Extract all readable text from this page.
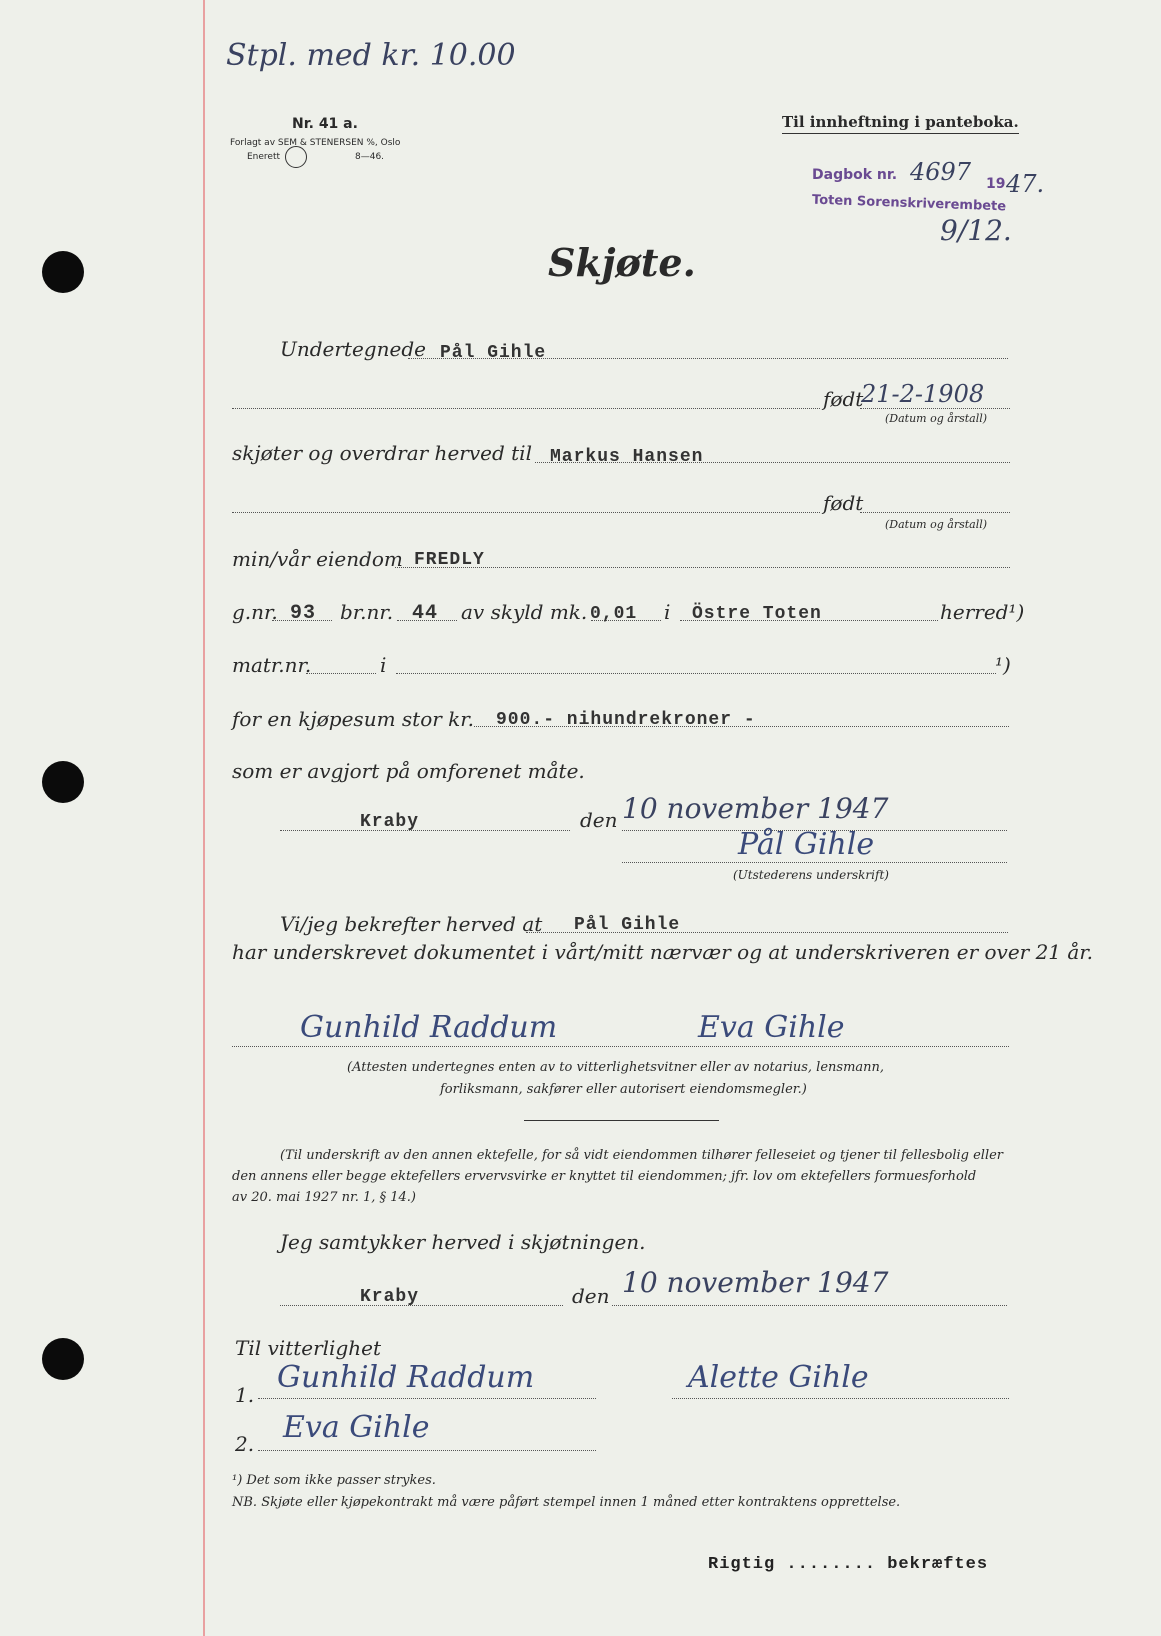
Stpl. med kr. 10.00
Nr. 41 a.
Forlagt av SEM & STENERSEN %, Oslo
Enerett	8—46.
Til innheftning i panteboka.
Dagbok nr. 4697 19 47.
Toten Sorenskriverembete
9/12.
Skjøte.
Undertegnede Pål Gihle
født
21-2-1908
(Datum og årstall)
skjøter og overdrar herved til Markus Hansen
født
(Datum og årstall)
min/vår eiendom FREDLY
g.nr. 93 br.nr. 44 av skyld mk. 0,01 i Östre Toten	herred¹)
matr.nr.	i	¹)
for en kjøpesum stor kr. 900.- nihundrekroner -
som er avgjort på omforenet måte.
Kraby	den 10 november 1947
Pål Gihle
(Utstederens underskrift)
Vi/jeg bekrefter herved at Pål Gihle
har underskrevet dokumentet i vårt/mitt nærvær og at underskriveren er over 21 år.
Gunhild Raddum	Eva Gihle
(Attesten undertegnes enten av to vitterlighetsvitner eller av notarius, lensmann,
forliksmann, sakfører eller autorisert eiendomsmegler.)
(Til underskrift av den annen ektefelle, for så vidt eiendommen tilhører felleseiet og tjener til fellesbolig eller
den annens eller begge ektefellers ervervsvirke er knyttet til eiendommen; jfr. lov om ektefellers formuesforhold
av 20. mai 1927 nr. 1, § 14.)
Jeg samtykker herved i skjøtningen.
Kraby	den 10 november 1947
Til vitterlighet
1. Gunhild Raddum	Alette Gihle
2. Eva Gihle
¹) Det som ikke passer strykes.
NB. Skjøte eller kjøpekontrakt må være påført stempel innen 1 måned etter kontraktens opprettelse.
Rigtig ........ bekræftes
